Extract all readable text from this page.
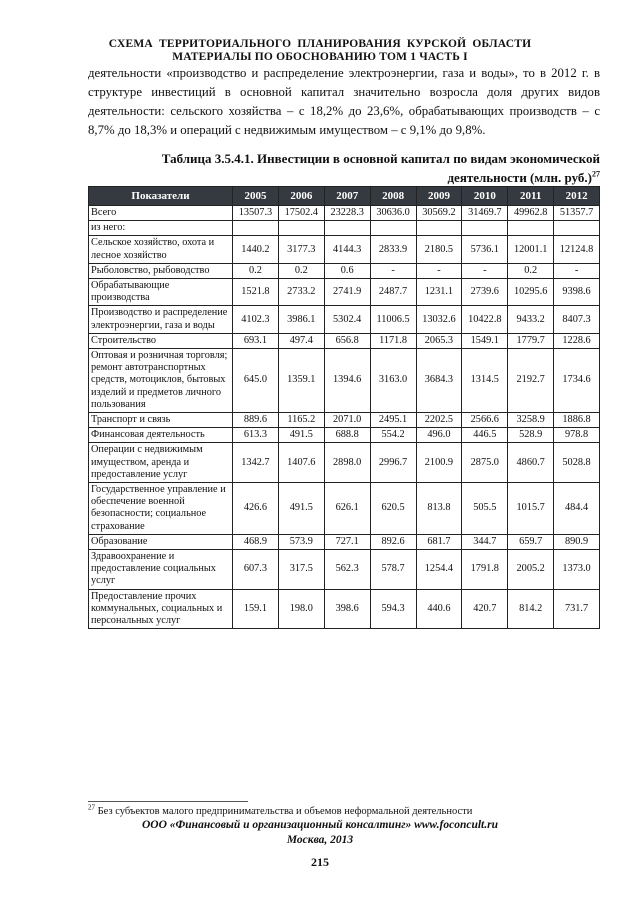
СХЕМА ТЕРРИТОРИАЛЬНОГО ПЛАНИРОВАНИЯ КУРСКОЙ ОБЛАСТИ
МАТЕРИАЛЫ ПО ОБОСНОВАНИЮ ТОМ 1 ЧАСТЬ I

деятельности «производство и распределение электроэнергии, газа и воды», то в 2012 г. в структуре инвестиций в основной капитал значительно возросла доля других видов деятельности: сельского хозяйства – с 18,2% до 23,6%, обрабатывающих производств – с 8,7% до 18,3% и операций с недвижимым имуществом – с 9,1% до 9,8%.

Таблица 3.5.4.1. Инвестиции в основной капитал по видам экономической
деятельности (млн. руб.)$^{27}$
Показатели	2005	2006	2007	2008	2009	2010	2011	2012
Всего	13507.3	17502.4	23228.3	30636.0	30569.2	31469.7	49962.8	51357.7
из него:								
Сельское хозяйство, охота и лесное хозяйство	1440.2	3177.3	4144.3	2833.9	2180.5	5736.1	12001.1	12124.8
Рыболовство, рыбоводство	0.2	0.2	0.6	-	-	-	0.2	-
Обрабатывающие производства	1521.8	2733.2	2741.9	2487.7	1231.1	2739.6	10295.6	9398.6
Производство и распределение электроэнергии, газа и воды	4102.3	3986.1	5302.4	11006.5	13032.6	10422.8	9433.2	8407.3
Строительство	693.1	497.4	656.8	1171.8	2065.3	1549.1	1779.7	1228.6
Оптовая и розничная торговля; ремонт автотранспортных средств, мотоциклов, бытовых изделий и предметов личного пользования	645.0	1359.1	1394.6	3163.0	3684.3	1314.5	2192.7	1734.6
Транспорт и связь	889.6	1165.2	2071.0	2495.1	2202.5	2566.6	3258.9	1886.8
Финансовая деятельность	613.3	491.5	688.8	554.2	496.0	446.5	528.9	978.8
Операции с недвижимым имуществом, аренда и предоставление услуг	1342.7	1407.6	2898.0	2996.7	2100.9	2875.0	4860.7	5028.8
Государственное управление и обеспечение военной безопасности; социальное страхование	426.6	491.5	626.1	620.5	813.8	505.5	1015.7	484.4
Образование	468.9	573.9	727.1	892.6	681.7	344.7	659.7	890.9
Здравоохранение и предоставление социальных услуг	607.3	317.5	562.3	578.7	1254.4	1791.8	2005.2	1373.0
Предоставление прочих коммунальных, социальных и персональных услуг	159.1	198.0	398.6	594.3	440.6	420.7	814.2	731.7
$^{27}$ Без субъектов малого предпринимательства и объемов неформальной деятельности
ООО «Финансовый и организационный консалтинг» www.foconcult.ru
Москва, 2013
215
